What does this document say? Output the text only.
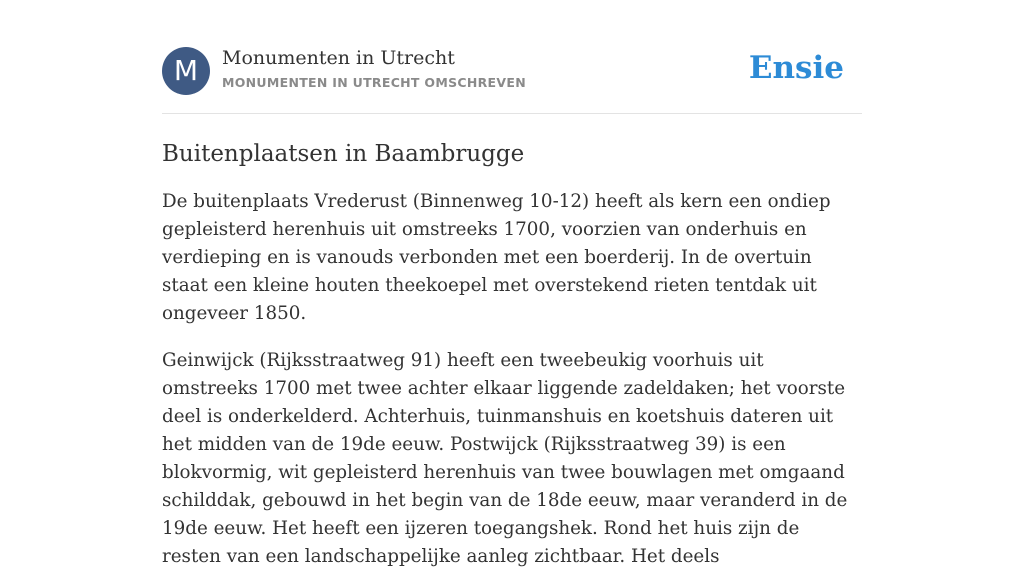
M	Monumenten in Utrecht
MONUMENTEN IN UTRECHT OMSCHREVEN	Ensie
Buitenplaatsen in Baambrugge

De buitenplaats Vrederust (Binnenweg 10-12) heeft als kern een ondiep gepleisterd herenhuis uit omstreeks 1700, voorzien van onderhuis en verdieping en is vanouds verbonden met een boerderij. In de overtuin staat een kleine houten theekoepel met overstekend rieten tentdak uit ongeveer 1850.

Geinwijck (Rijksstraatweg 91) heeft een tweebeukig voorhuis uit omstreeks 1700 met twee achter elkaar liggende zadeldaken; het voorste deel is onderkelderd. Achterhuis, tuinmanshuis en koetshuis dateren uit het midden van de 19de eeuw. Postwijck (Rijksstraatweg 39) is een blokvormig, wit gepleisterd herenhuis van twee bouwlagen met omgaand schilddak, gebouwd in het begin van de 18de eeuw, maar veranderd in de 19de eeuw. Het heeft een ijzeren toegangshek. Rond het huis zijn de resten van een landschappelijke aanleg zichtbaar. Het deels
